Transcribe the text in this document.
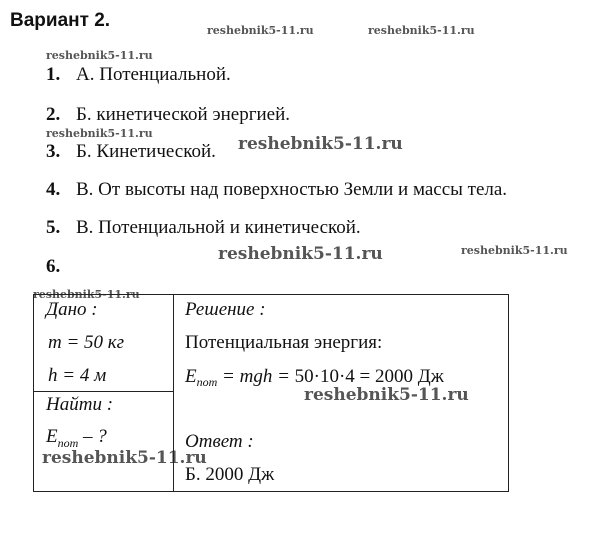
Вариант 2.	reshebnik5-11.ru	reshebnik5-11.ru
reshebnik5-11.ru
reshebnik5-11.ru
reshebnik5-11.ru
reshebnik5-11.ru	reshebnik5-11.ru
reshebnik5-11.ru
reshebnik5-11.ru
reshebnik5-11.ru
1. А. Потенциальной.
2. Б. кинетической энергией.
3. Б. Кинетической.
4. В. От высоты над поверхностью Земли и массы тела.
5. В. Потенциальной и кинетической.
6.
Дано :
m = 50 кг
h = 4 м
Найти :
$E_{пот}$ – ?
Решение :
Потенциальная энергия:
$E_{пот}$ = mgh = 50·10·4 = 2000 Дж
Ответ :
Б. 2000 Дж
